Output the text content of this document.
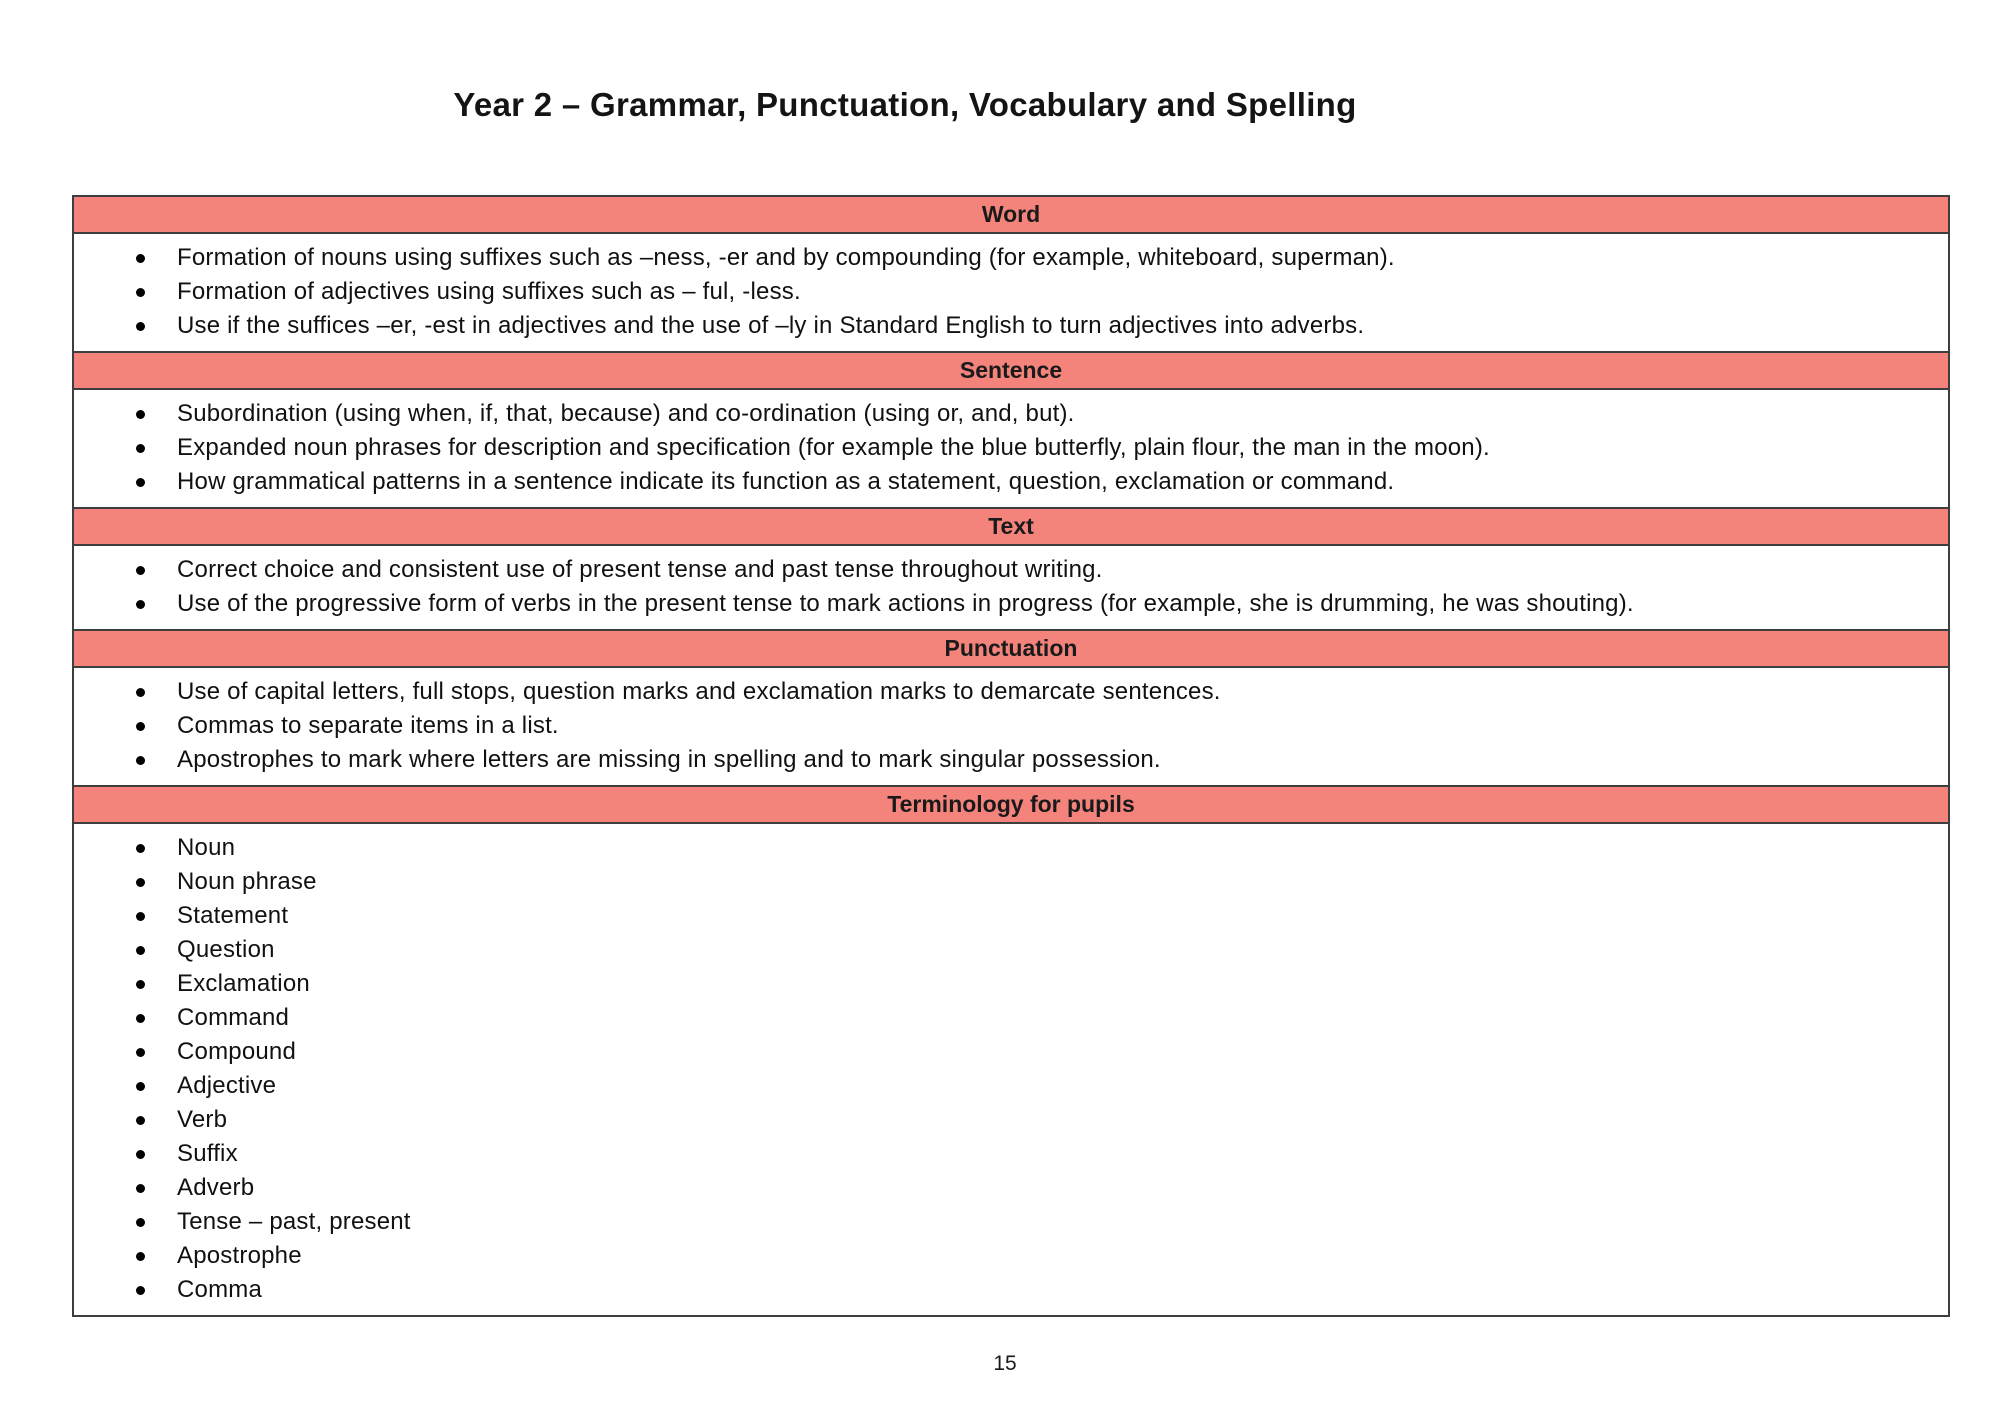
Year 2 – Grammar, Punctuation, Vocabulary and Spelling
Word
Formation of nouns using suffixes such as –ness, -er and by compounding (for example, whiteboard, superman).
Formation of adjectives using suffixes such as – ful, -less.
Use if the suffices –er, -est in adjectives and the use of –ly in Standard English to turn adjectives into adverbs.
Sentence
Subordination (using when, if, that, because) and co-ordination (using or, and, but).
Expanded noun phrases for description and specification (for example the blue butterfly, plain flour, the man in the moon).
How grammatical patterns in a sentence indicate its function as a statement, question, exclamation or command.
Text
Correct choice and consistent use of present tense and past tense throughout writing.
Use of the progressive form of verbs in the present tense to mark actions in progress (for example, she is drumming, he was shouting).
Punctuation
Use of capital letters, full stops, question marks and exclamation marks to demarcate sentences.
Commas to separate items in a list.
Apostrophes to mark where letters are missing in spelling and to mark singular possession.
Terminology for pupils
Noun
Noun phrase
Statement
Question
Exclamation
Command
Compound
Adjective
Verb
Suffix
Adverb
Tense – past, present
Apostrophe
Comma
15
